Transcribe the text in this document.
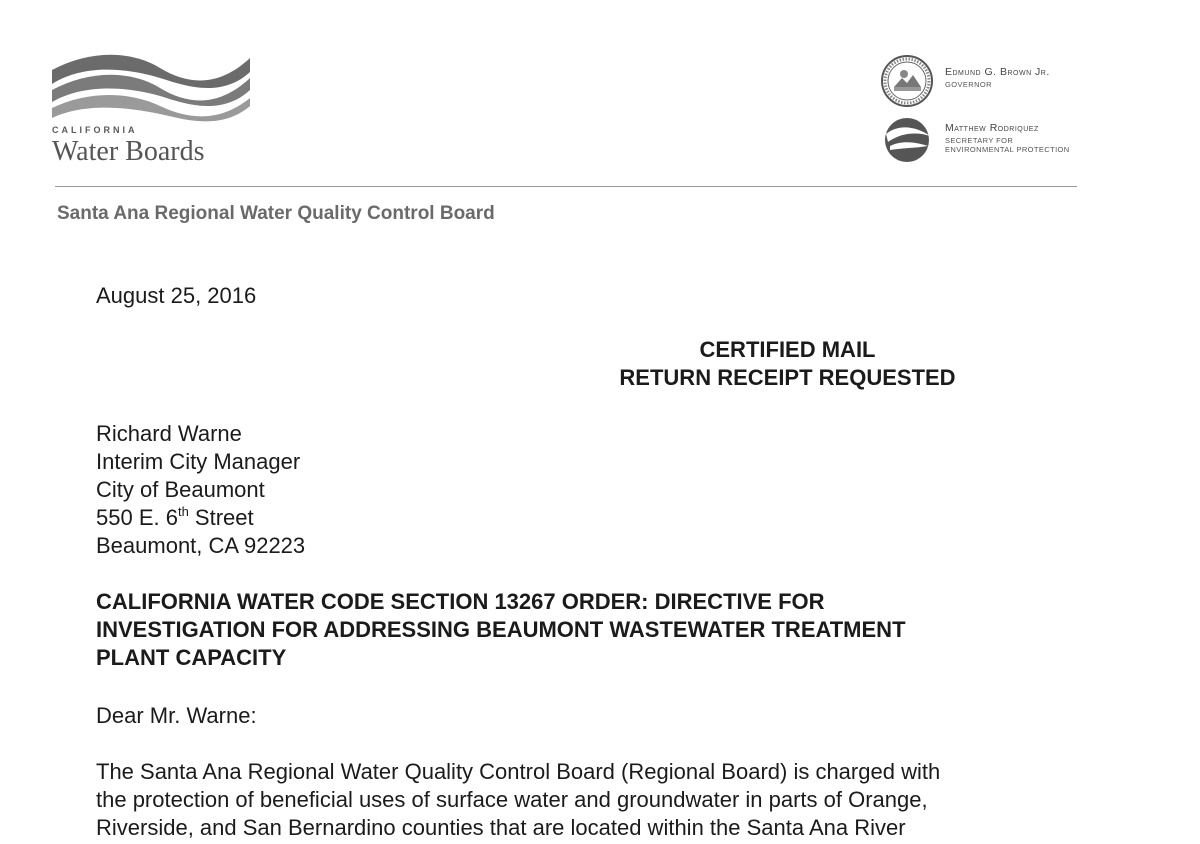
CALIFORNIA
Water Boards
Edmund G. Brown Jr.
GOVERNOR
Matthew Rodriquez
SECRETARY FOR
ENVIRONMENTAL PROTECTION
Santa Ana Regional Water Quality Control Board
August 25, 2016
CERTIFIED MAIL
RETURN RECEIPT REQUESTED
Richard Warne
Interim City Manager
City of Beaumont
550 E. 6th Street
Beaumont, CA 92223
CALIFORNIA WATER CODE SECTION 13267 ORDER: DIRECTIVE FOR
INVESTIGATION FOR ADDRESSING BEAUMONT WASTEWATER TREATMENT
PLANT CAPACITY
Dear Mr. Warne:
The Santa Ana Regional Water Quality Control Board (Regional Board) is charged with
the protection of beneficial uses of surface water and groundwater in parts of Orange,
Riverside, and San Bernardino counties that are located within the Santa Ana River
